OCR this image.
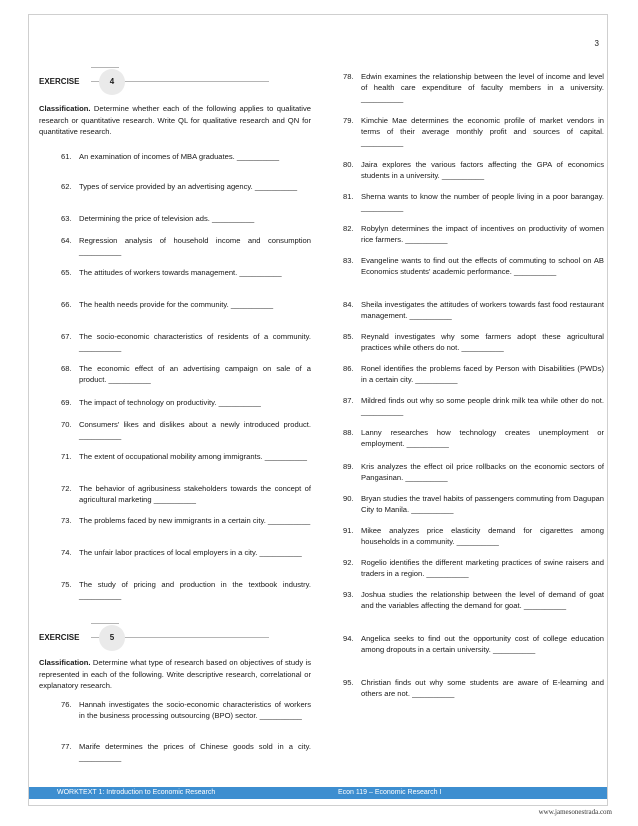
3
EXERCISE	4
Classification. Determine whether each of the following applies to qualitative research or quantitative research. Write QL for qualitative research and QN for quantitative research.
61. An examination of incomes of MBA graduates. __________
62. Types of service provided by an advertising agency. __________
63. Determining the price of television ads. __________
64. Regression analysis of household income and consumption __________
65. The attitudes of workers towards management. __________
66. The health needs provide for the community. __________
67. The socio-economic characteristics of residents of a community. __________
68. The economic effect of an advertising campaign on sale of a product. __________
69. The impact of technology on productivity. __________
70. Consumers' likes and dislikes about a newly introduced product. __________
71. The extent of occupational mobility among immigrants. __________
72. The behavior of agribusiness stakeholders towards the concept of agricultural marketing __________
73. The problems faced by new immigrants in a certain city. __________
74. The unfair labor practices of local employers in a city. __________
75. The study of pricing and production in the textbook industry. __________
EXERCISE	5
Classification. Determine what type of research based on objectives of study is represented in each of the following. Write descriptive research, correlational or explanatory research.
76. Hannah investigates the socio-economic characteristics of workers in the business processing outsourcing (BPO) sector. __________
77. Marife determines the prices of Chinese goods sold in a city. __________
78. Edwin examines the relationship between the level of income and level of health care expenditure of faculty members in a university. __________
79. Kimchie Mae determines the economic profile of market vendors in terms of their average monthly profit and sources of capital. __________
80. Jaira explores the various factors affecting the GPA of economics students in a university. __________
81. Sherna wants to know the number of people living in a poor barangay. __________
82. Robylyn determines the impact of incentives on productivity of women rice farmers. __________
83. Evangeline wants to find out the effects of commuting to school on AB Economics students' academic performance. __________
84. Sheila investigates the attitudes of workers towards fast food restaurant management. __________
85. Reynald investigates why some farmers adopt these agricultural practices while others do not. __________
86. Ronel identifies the problems faced by Person with Disabilities (PWDs) in a certain city. __________
87. Mildred finds out why so some people drink milk tea while other do not. __________
88. Lanny researches how technology creates unemployment or employment. __________
89. Kris analyzes the effect oil price rollbacks on the economic sectors of Pangasinan. __________
90. Bryan studies the travel habits of passengers commuting from Dagupan City to Manila. __________
91. Mikee analyzes price elasticity demand for cigarettes among households in a community. __________
92. Rogelio identifies the different marketing practices of swine raisers and traders in a region. __________
93. Joshua studies the relationship between the level of demand of goat and the variables affecting the demand for goat. __________
94. Angelica seeks to find out the opportunity cost of college education among dropouts in a certain university. __________
95. Christian finds out why some students are aware of E-learning and others are not. __________
WORKTEXT 1: Introduction to Economic Research	Econ 119 – Economic Research I
www.jamesonestrada.com
